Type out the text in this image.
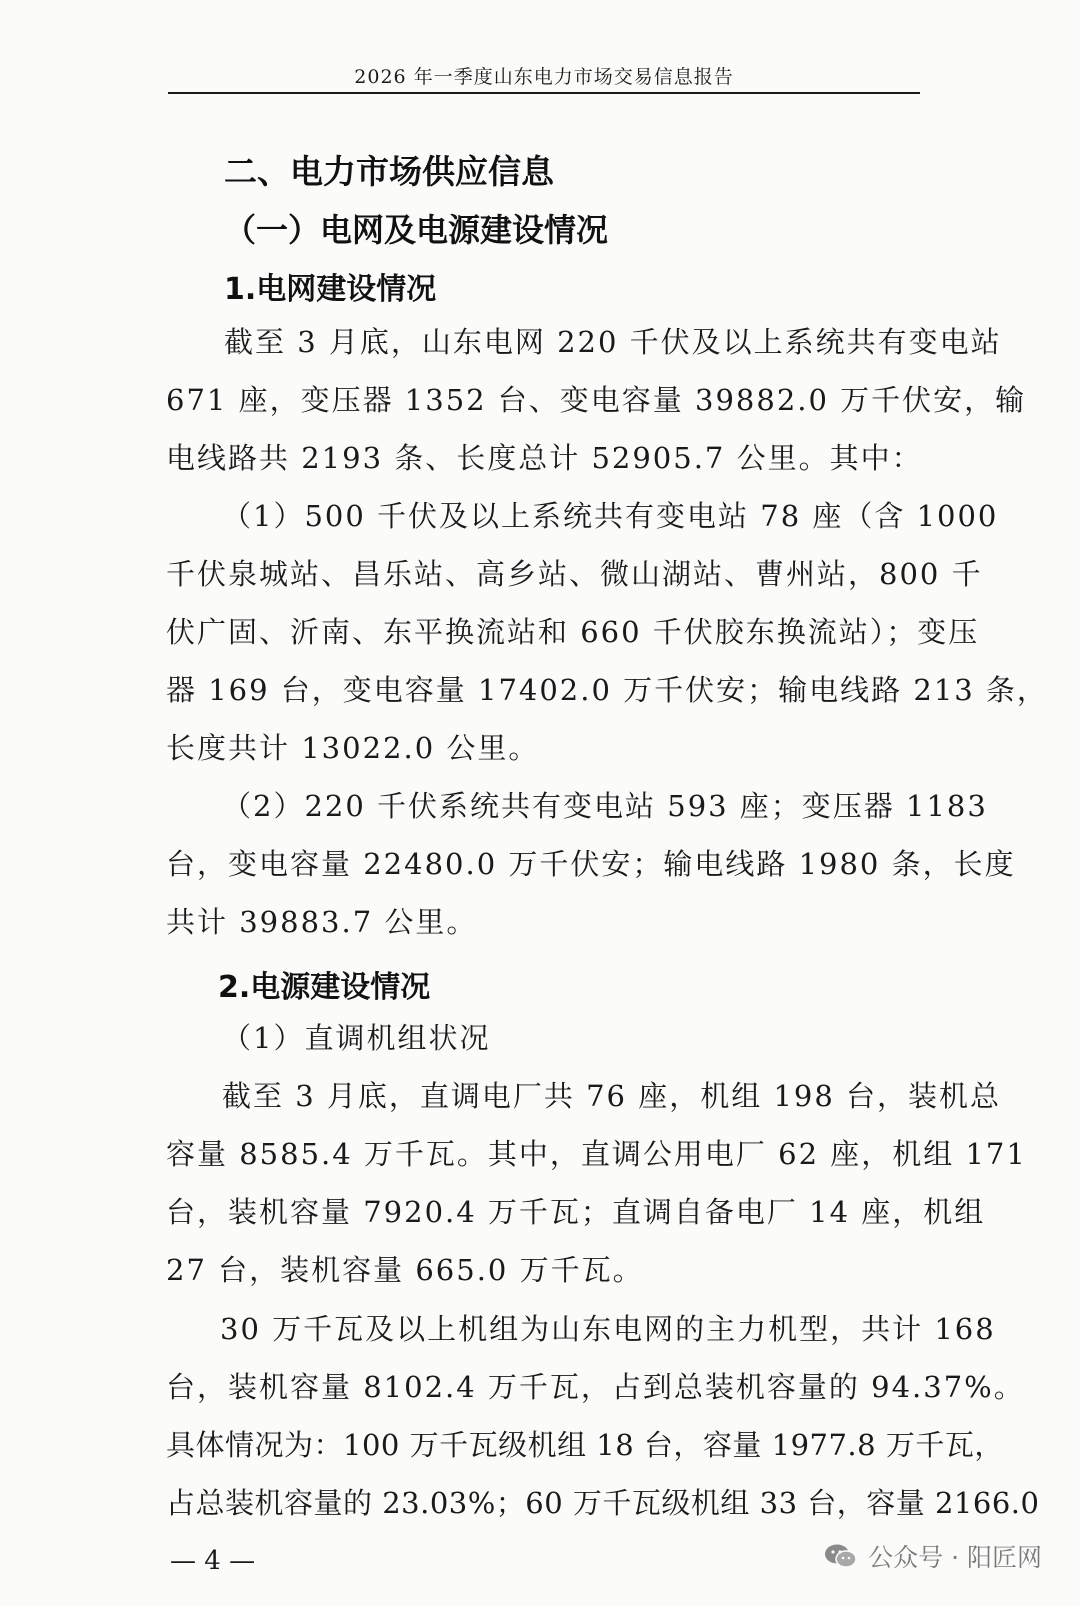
2026 年一季度山东电力市场交易信息报告
二、电力市场供应信息
（一）电网及电源建设情况
1.电网建设情况
截至 3 月底，山东电网 220 千伏及以上系统共有变电站
671 座，变压器 1352 台、变电容量 39882.0 万千伏安，输
电线路共 2193 条、长度总计 52905.7 公里。其中：
（1）500 千伏及以上系统共有变电站 78 座（含 1000
千伏泉城站、昌乐站、高乡站、微山湖站、曹州站，800 千
伏广固、沂南、东平换流站和 660 千伏胶东换流站）；变压
器 169 台，变电容量 17402.0 万千伏安；输电线路 213 条，
长度共计 13022.0 公里。
（2）220 千伏系统共有变电站 593 座；变压器 1183
台，变电容量 22480.0 万千伏安；输电线路 1980 条，长度
共计 39883.7 公里。
2.电源建设情况
（1）直调机组状况
截至 3 月底，直调电厂共 76 座，机组 198 台，装机总
容量 8585.4 万千瓦。其中，直调公用电厂 62 座，机组 171
台，装机容量 7920.4 万千瓦；直调自备电厂 14 座，机组
27 台，装机容量 665.0 万千瓦。
30 万千瓦及以上机组为山东电网的主力机型，共计 168
台，装机容量 8102.4 万千瓦，占到总装机容量的 94.37%。
具体情况为：100 万千瓦级机组 18 台，容量 1977.8 万千瓦，
占总装机容量的 23.03%；60 万千瓦级机组 33 台，容量 2166.0
— 4 —	公众号 · 阳匠网
